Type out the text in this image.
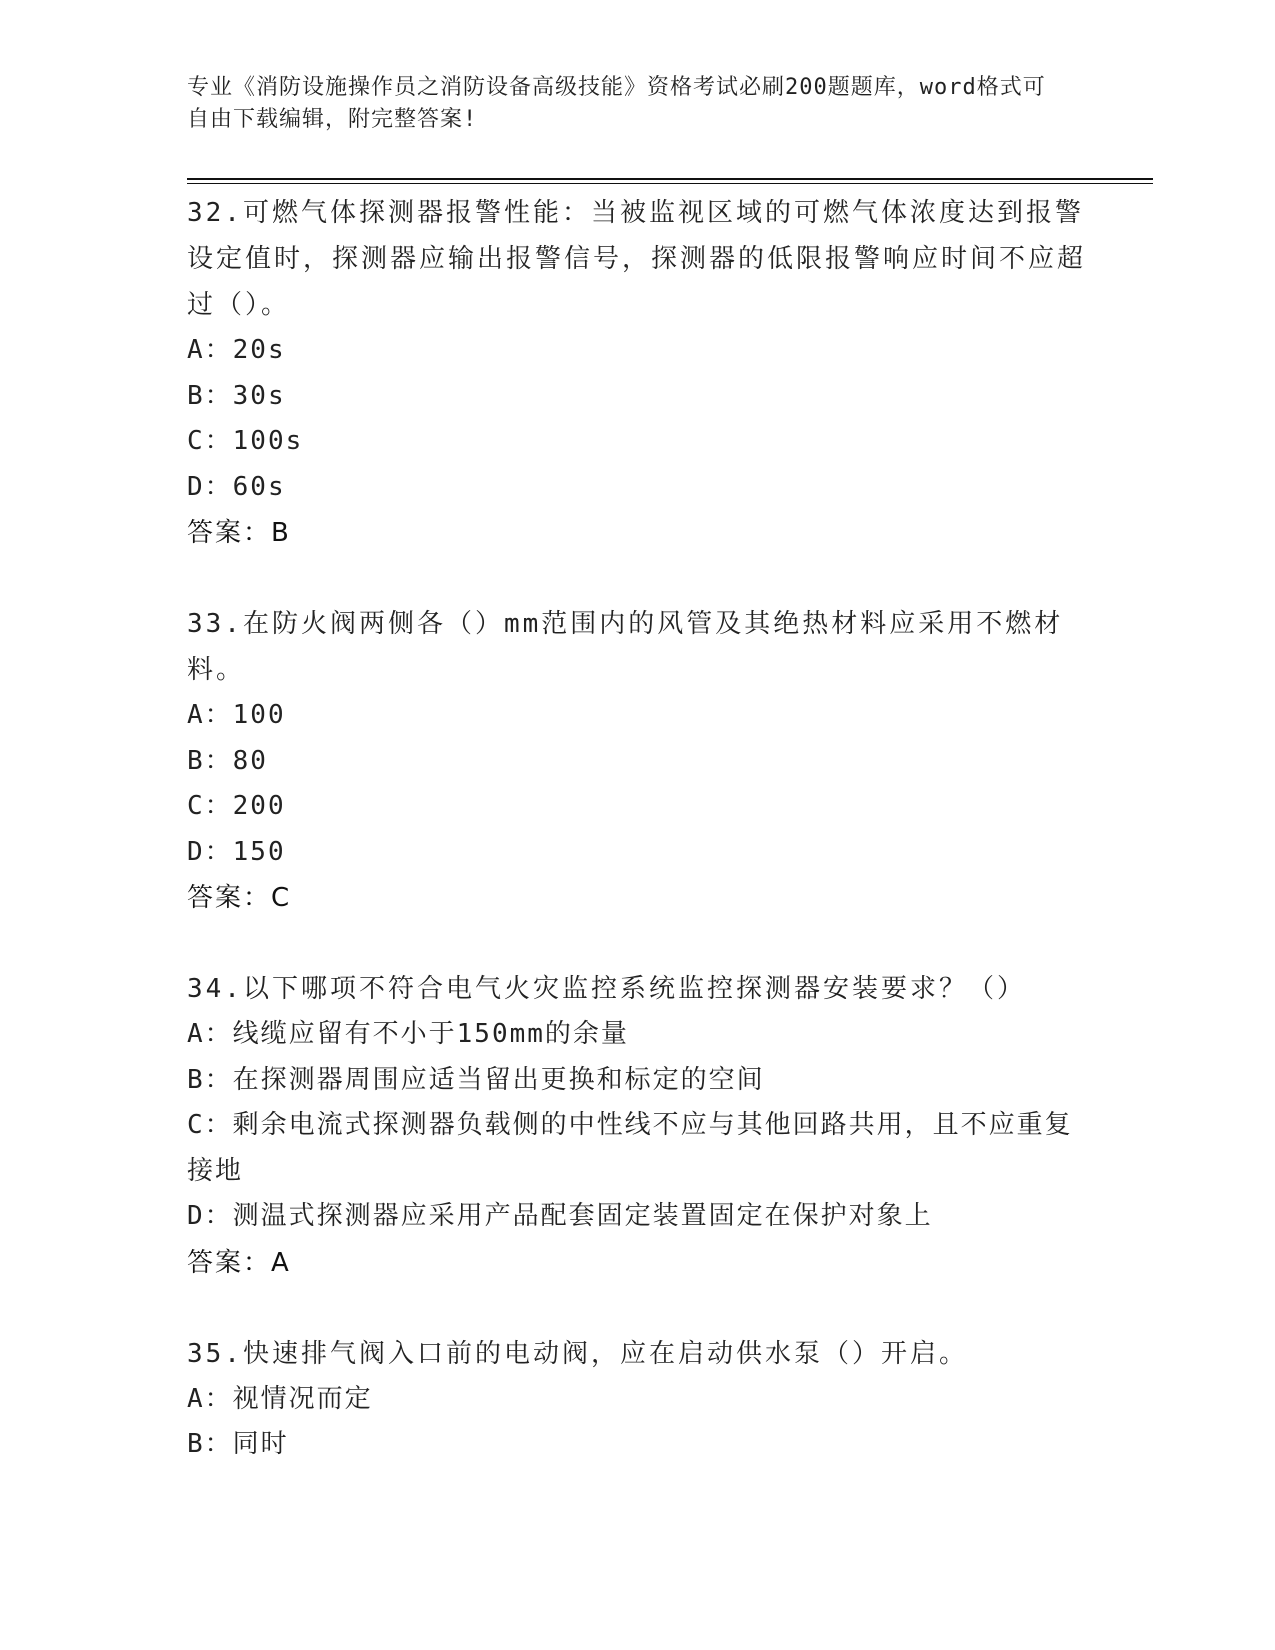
专业《消防设施操作员之消防设备高级技能》资格考试必刷200题题库，word格式可自由下载编辑，附完整答案!
32.可燃气体探测器报警性能：当被监视区域的可燃气体浓度达到报警设定值时，探测器应输出报警信号，探测器的低限报警响应时间不应超过（）。
A：20s
B：30s
C：100s
D：60s
答案：B
33.在防火阀两侧各（）mm范围内的风管及其绝热材料应采用不燃材料。
A：100
B：80
C：200
D：150
答案：C
34.以下哪项不符合电气火灾监控系统监控探测器安装要求？（）
A：线缆应留有不小于150mm的余量
B：在探测器周围应适当留出更换和标定的空间
C：剩余电流式探测器负载侧的中性线不应与其他回路共用，且不应重复接地
D：测温式探测器应采用产品配套固定装置固定在保护对象上
答案：A
35.快速排气阀入口前的电动阀，应在启动供水泵（）开启。
A：视情况而定
B：同时
